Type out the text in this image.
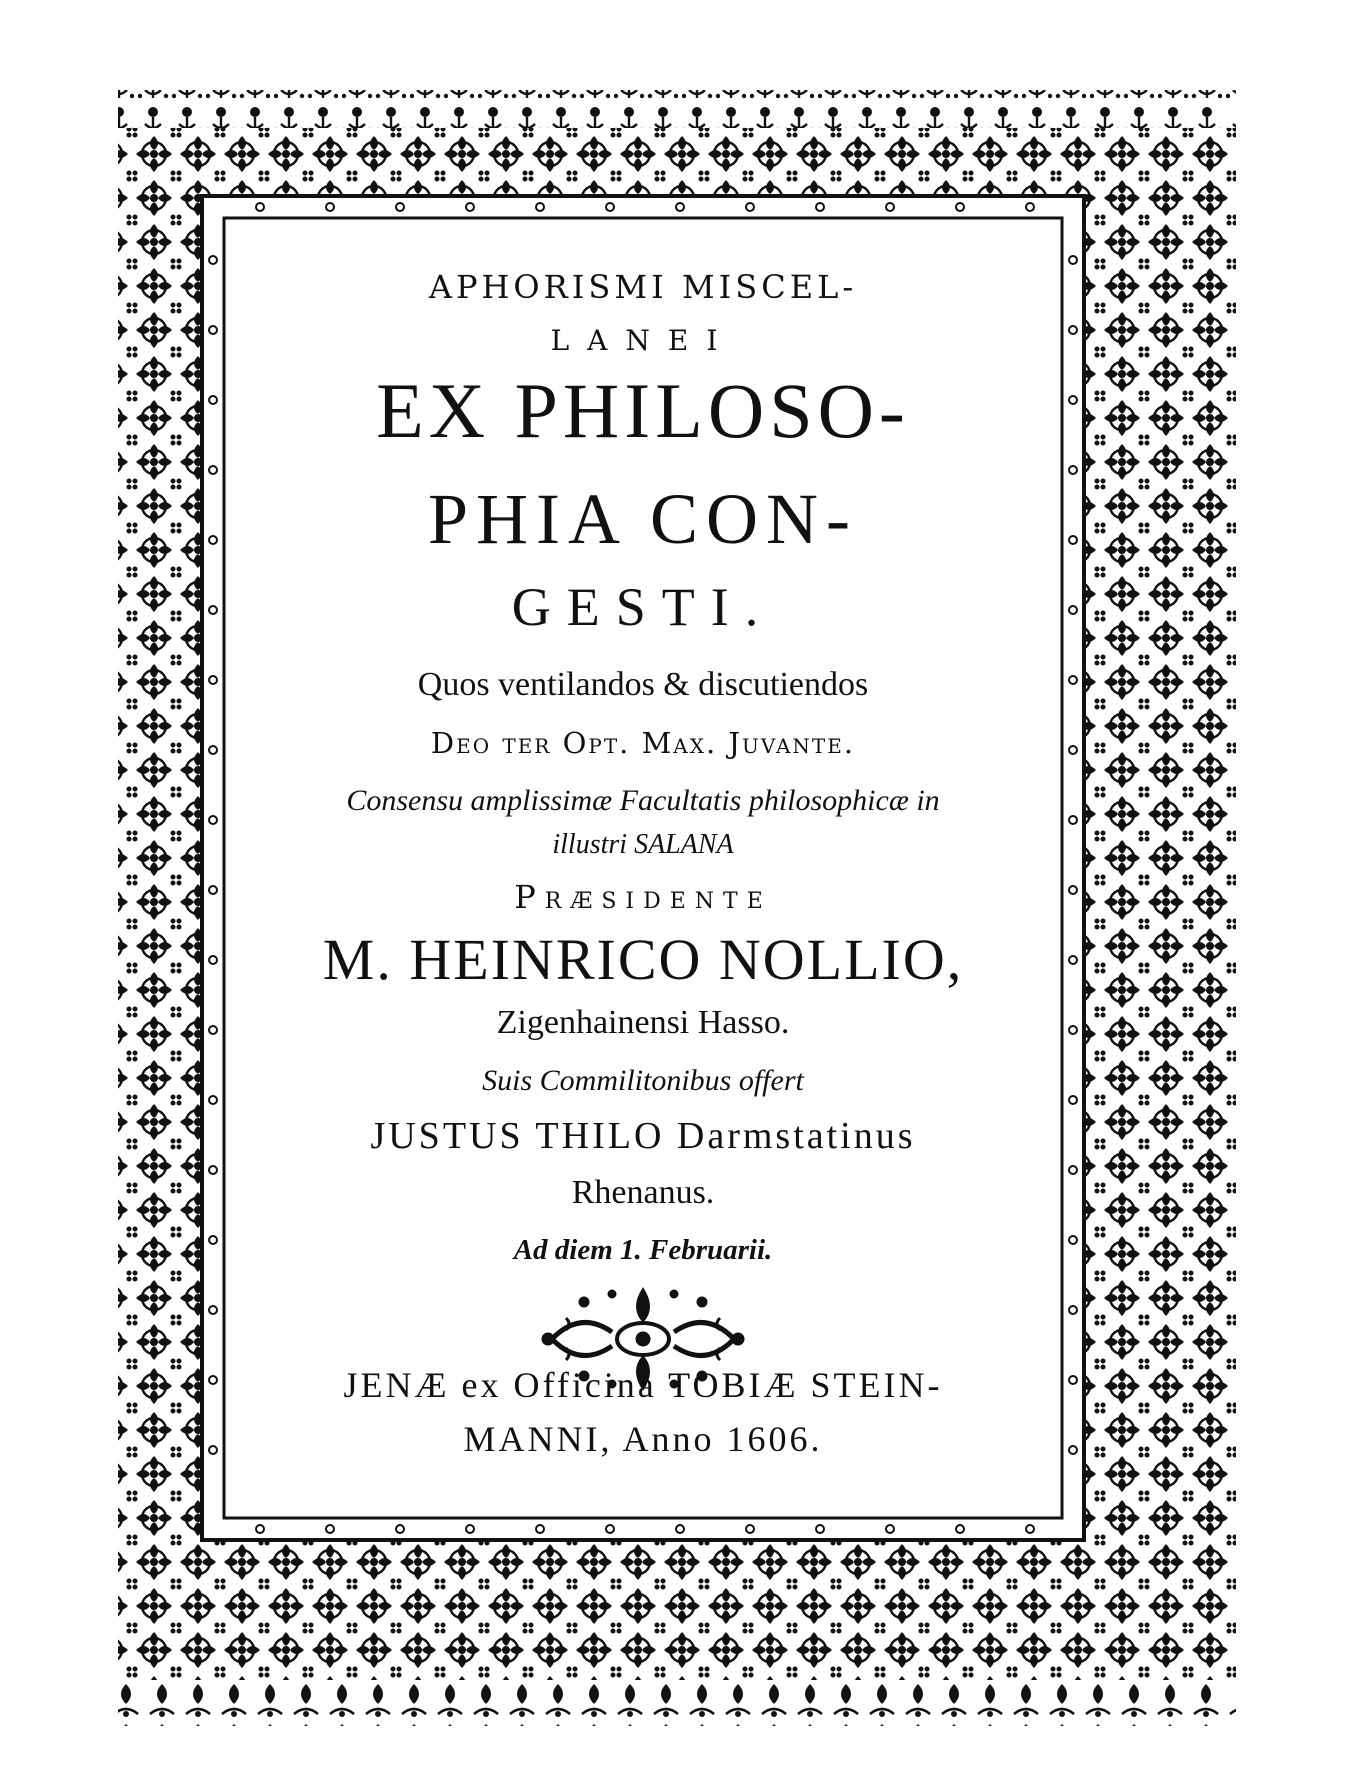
APHORISMI MISCEL-
LANEI
EX PHILOSO-
PHIA CON-
GESTI.
Quos ventilandos & discutiendos
Deo ter Opt. Max. Juvante.
Consensu amplissimæ Facultatis philosophicæ in
illustri SALANA
Præsidente
M. HEINRICO NOLLIO,
Zigenhainensi Hasso.
Suis Commilitonibus offert
JUSTUS THILO Darmstatinus
Rhenanus.
Ad diem 1. Februarii.
JENÆ ex Officina TOBIÆ STEIN-
MANNI, Anno 1606.
